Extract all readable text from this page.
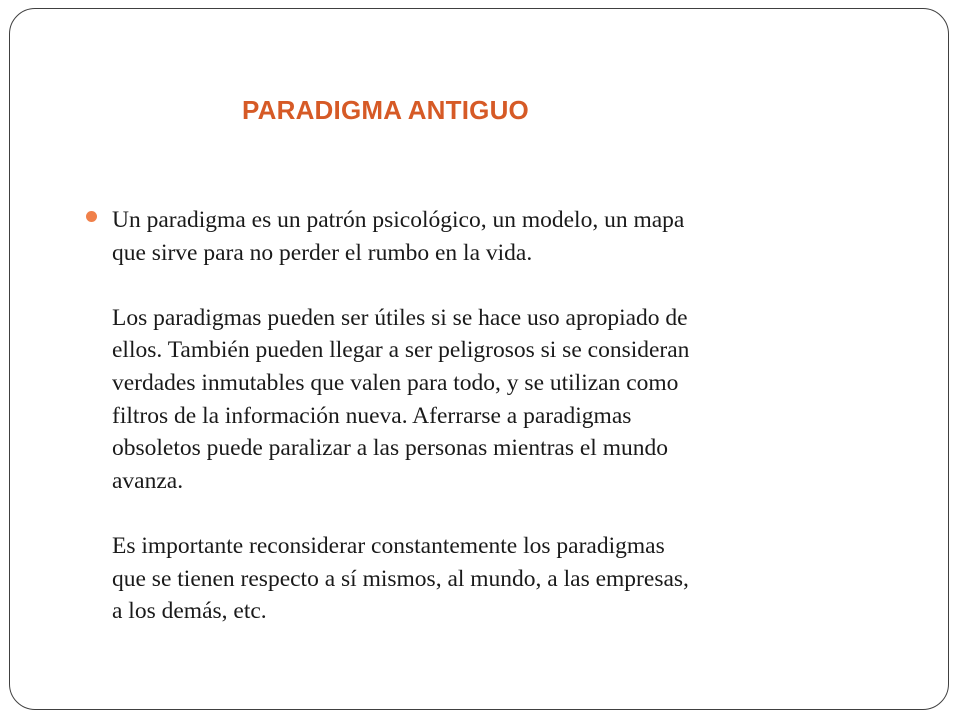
PARADIGMA ANTIGUO
Un paradigma es un patrón psicológico, un modelo, un mapa
que sirve para no perder el rumbo en la vida.
Los paradigmas pueden ser útiles si se hace uso apropiado de
ellos. También pueden llegar a ser peligrosos si se consideran
verdades inmutables que valen para todo, y se utilizan como
filtros de la información nueva. Aferrarse a paradigmas
obsoletos puede paralizar a las personas mientras el mundo
avanza.
Es importante reconsiderar constantemente los paradigmas
que se tienen respecto a sí mismos, al mundo, a las empresas,
a los demás, etc.
